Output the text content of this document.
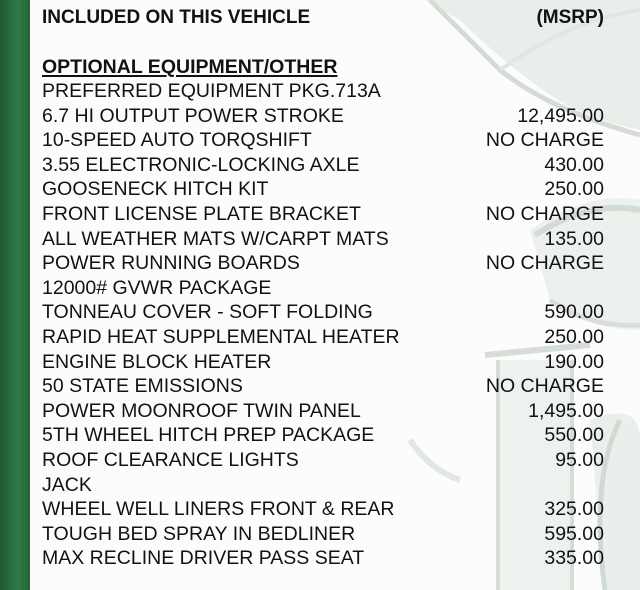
INCLUDED ON THIS VEHICLE	(MSRP)
OPTIONAL EQUIPMENT/OTHER
PREFERRED EQUIPMENT PKG.713A
6.7 HI OUTPUT POWER STROKE	12,495.00
10-SPEED AUTO TORQSHIFT	NO CHARGE
3.55 ELECTRONIC-LOCKING AXLE	430.00
GOOSENECK HITCH KIT	250.00
FRONT LICENSE PLATE BRACKET	NO CHARGE
ALL WEATHER MATS W/CARPT MATS	135.00
POWER RUNNING BOARDS	NO CHARGE
12000# GVWR PACKAGE
TONNEAU COVER - SOFT FOLDING	590.00
RAPID HEAT SUPPLEMENTAL HEATER	250.00
ENGINE BLOCK HEATER	190.00
50 STATE EMISSIONS	NO CHARGE
POWER MOONROOF TWIN PANEL	1,495.00
5TH WHEEL HITCH PREP PACKAGE	550.00
ROOF CLEARANCE LIGHTS	95.00
JACK
WHEEL WELL LINERS FRONT & REAR	325.00
TOUGH BED SPRAY IN BEDLINER	595.00
MAX RECLINE DRIVER PASS SEAT	335.00
